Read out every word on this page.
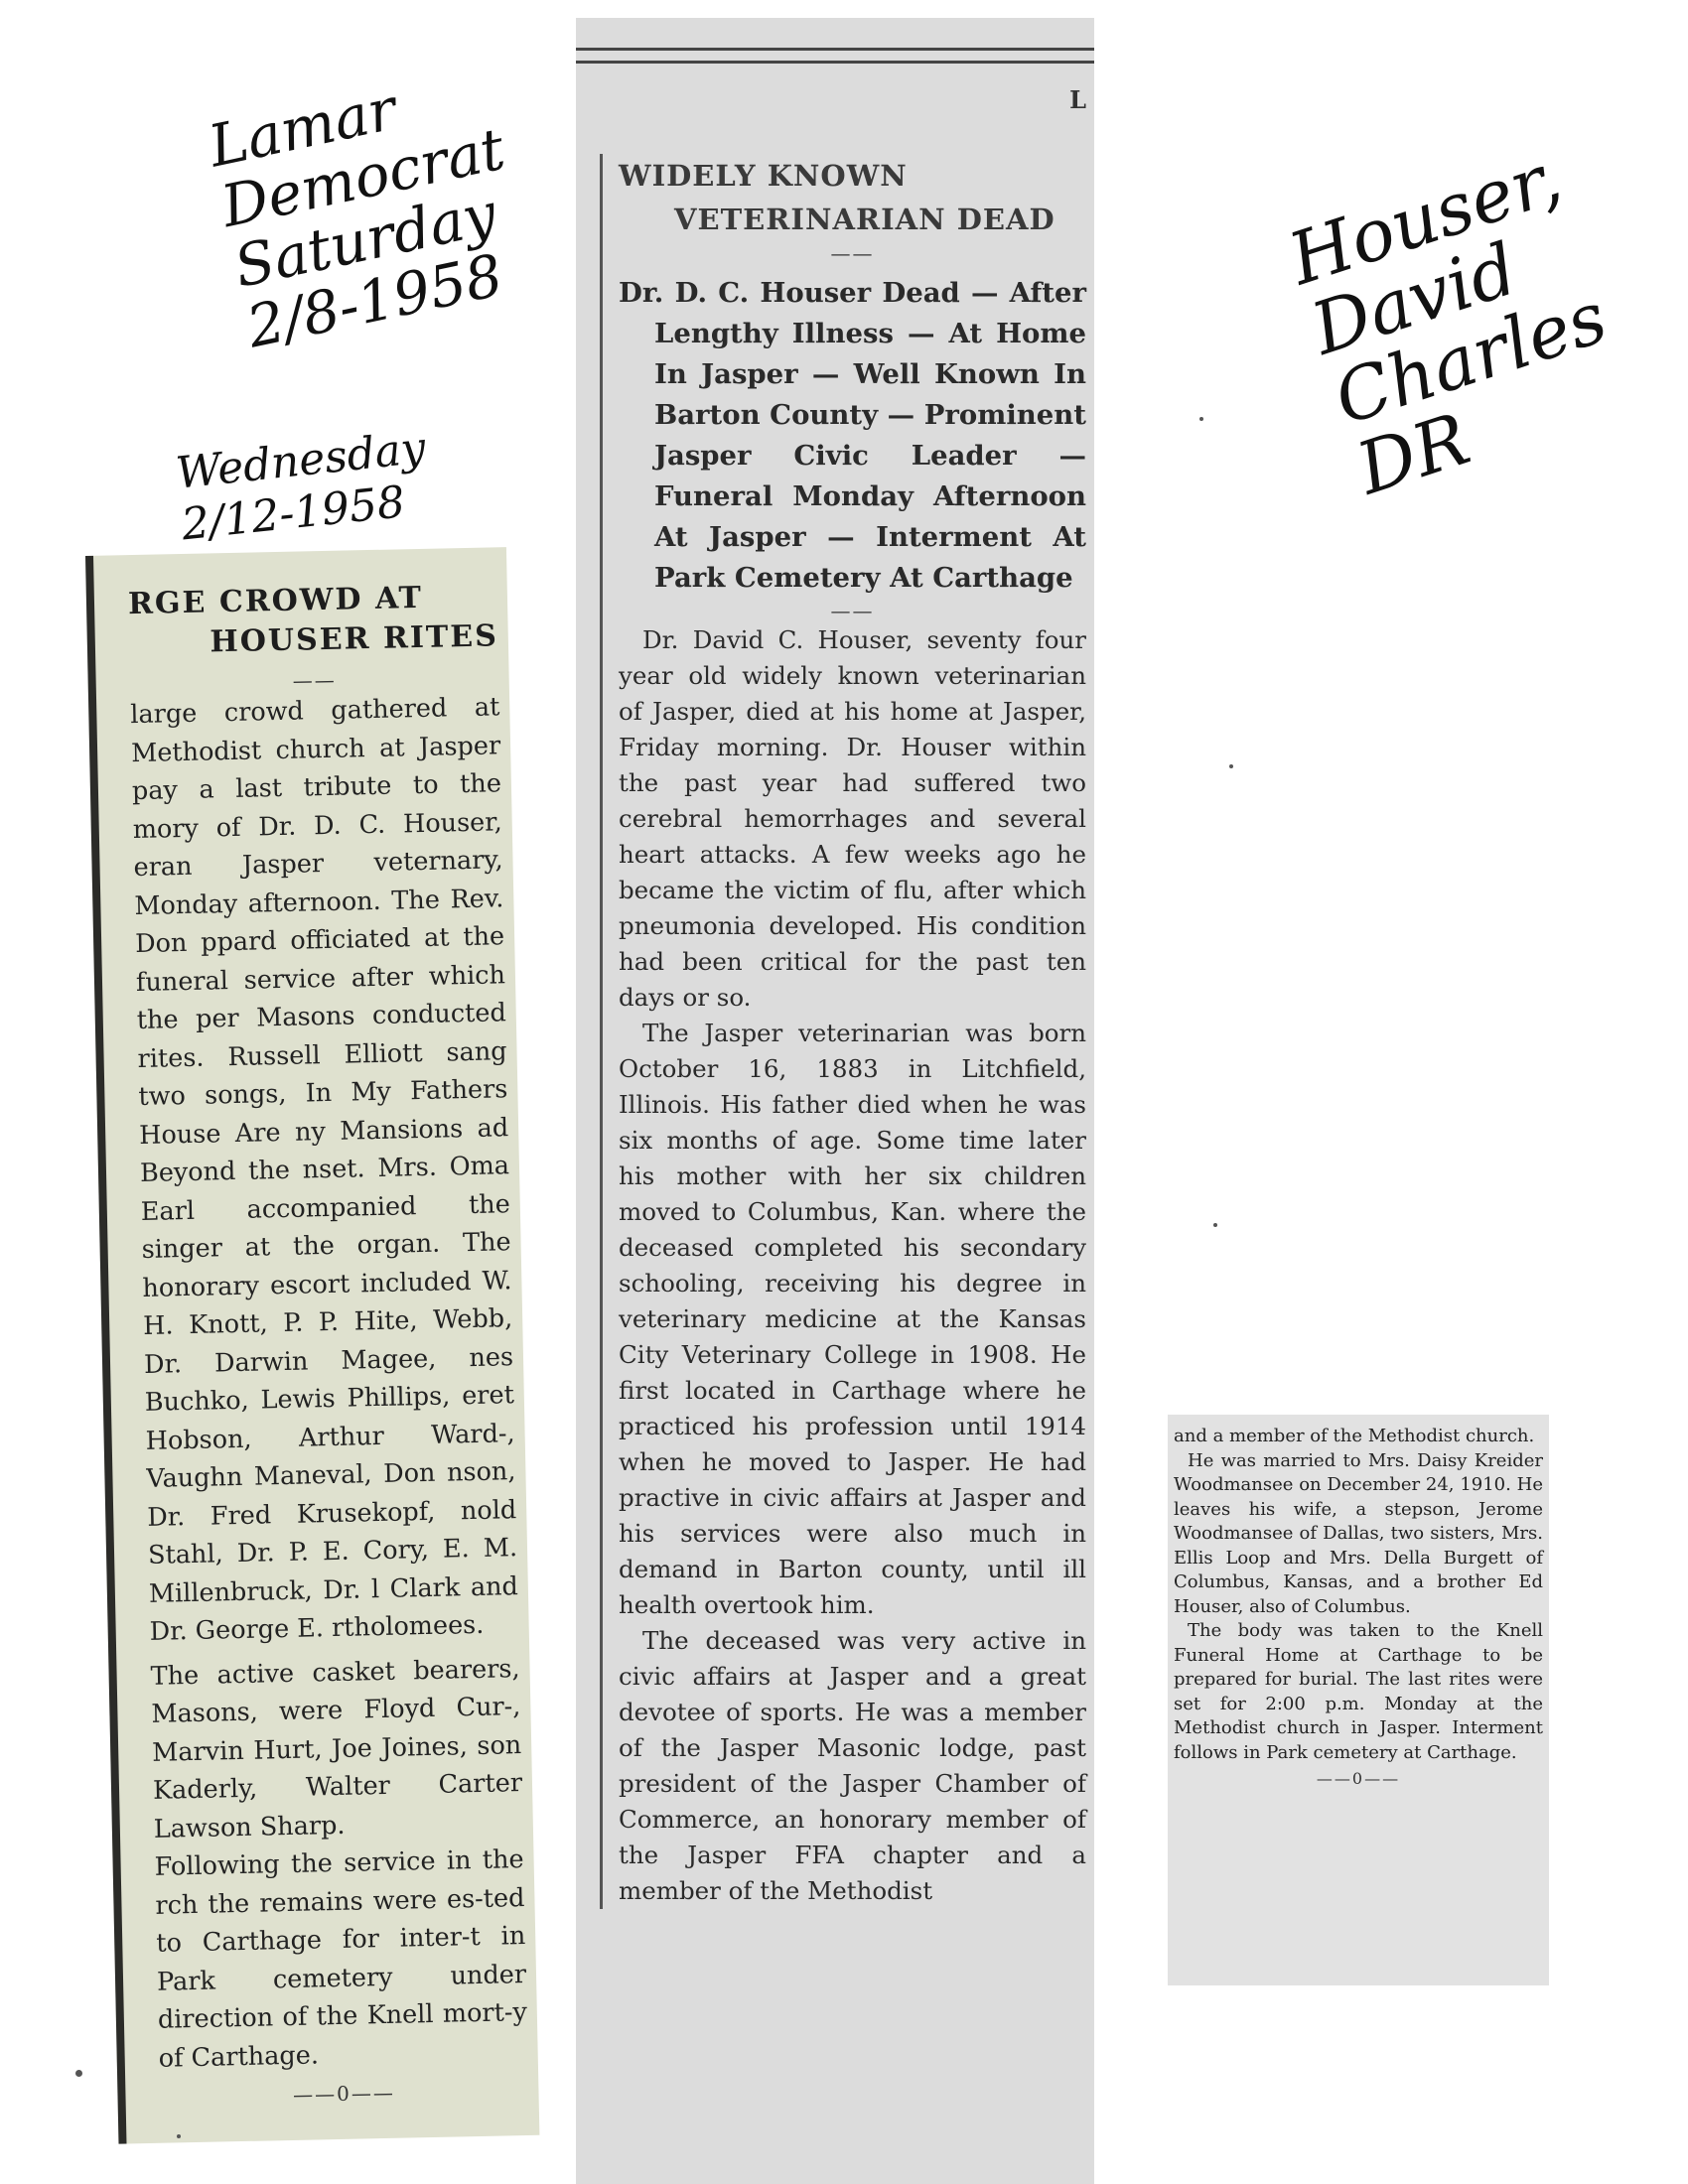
Lamar
Democrat
Saturday
2/8-1958
Wednesday
2/12-1958
Houser,
David
Charles
DR
RGE CROWD AT
HOUSER RITES
——

large crowd gathered at Methodist church at Jasper pay a last tribute to the mory of Dr. D. C. Houser, eran Jasper veternary, Monday afternoon. The Rev. Don ppard officiated at the funeral service after which the per Masons conducted rites. Russell Elliott sang two songs, In My Fathers House Are ny Mansions ad Beyond the nset. Mrs. Oma Earl accompanied the singer at the organ. The honorary escort included W. H. Knott, P. P. Hite, Webb, Dr. Darwin Magee, nes Buchko, Lewis Phillips, eret Hobson, Arthur Ward-, Vaughn Maneval, Don nson, Dr. Fred Krusekopf, nold Stahl, Dr. P. E. Cory, E. M. Millenbruck, Dr. l Clark and Dr. George E. rtholomees.

The active casket bearers, Masons, were Floyd Cur-, Marvin Hurt, Joe Joines, son Kaderly, Walter Carter Lawson Sharp.

Following the service in the rch the remains were es-ted to Carthage for inter-t in Park cemetery under direction of the Knell mort-y of Carthage.

——0——
L
WIDELY KNOWN
VETERINARIAN DEAD
——
Dr. D. C. Houser Dead — After Lengthy Illness — At Home In Jasper — Well Known In Barton County — Prominent Jasper Civic Leader — Funeral Monday Afternoon At Jasper — Interment At Park Cemetery At Carthage
——

Dr. David C. Houser, seventy four year old widely known veterinarian of Jasper, died at his home at Jasper, Friday morning. Dr. Houser within the past year had suffered two cerebral hemorrhages and several heart attacks. A few weeks ago he became the victim of flu, after which pneumonia developed. His condition had been critical for the past ten days or so.

The Jasper veterinarian was born October 16, 1883 in Litchfield, Illinois. His father died when he was six months of age. Some time later his mother with her six children moved to Columbus, Kan. where the deceased completed his secondary schooling, receiving his degree in veterinary medicine at the Kansas City Veterinary College in 1908. He first located in Carthage where he practiced his profession until 1914 when he moved to Jasper. He had practive in civic affairs at Jasper and his services were also much in demand in Barton county, until ill health overtook him.

The deceased was very active in civic affairs at Jasper and a great devotee of sports. He was a member of the Jasper Masonic lodge, past president of the Jasper Chamber of Commerce, an honorary member of the Jasper FFA chapter and a member of the Methodist

and a member of the Methodist church.

He was married to Mrs. Daisy Kreider Woodmansee on December 24, 1910. He leaves his wife, a stepson, Jerome Woodmansee of Dallas, two sisters, Mrs. Ellis Loop and Mrs. Della Burgett of Columbus, Kansas, and a brother Ed Houser, also of Columbus.

The body was taken to the Knell Funeral Home at Carthage to be prepared for burial. The last rites were set for 2:00 p.m. Monday at the Methodist church in Jasper. Interment follows in Park cemetery at Carthage.

——0——
